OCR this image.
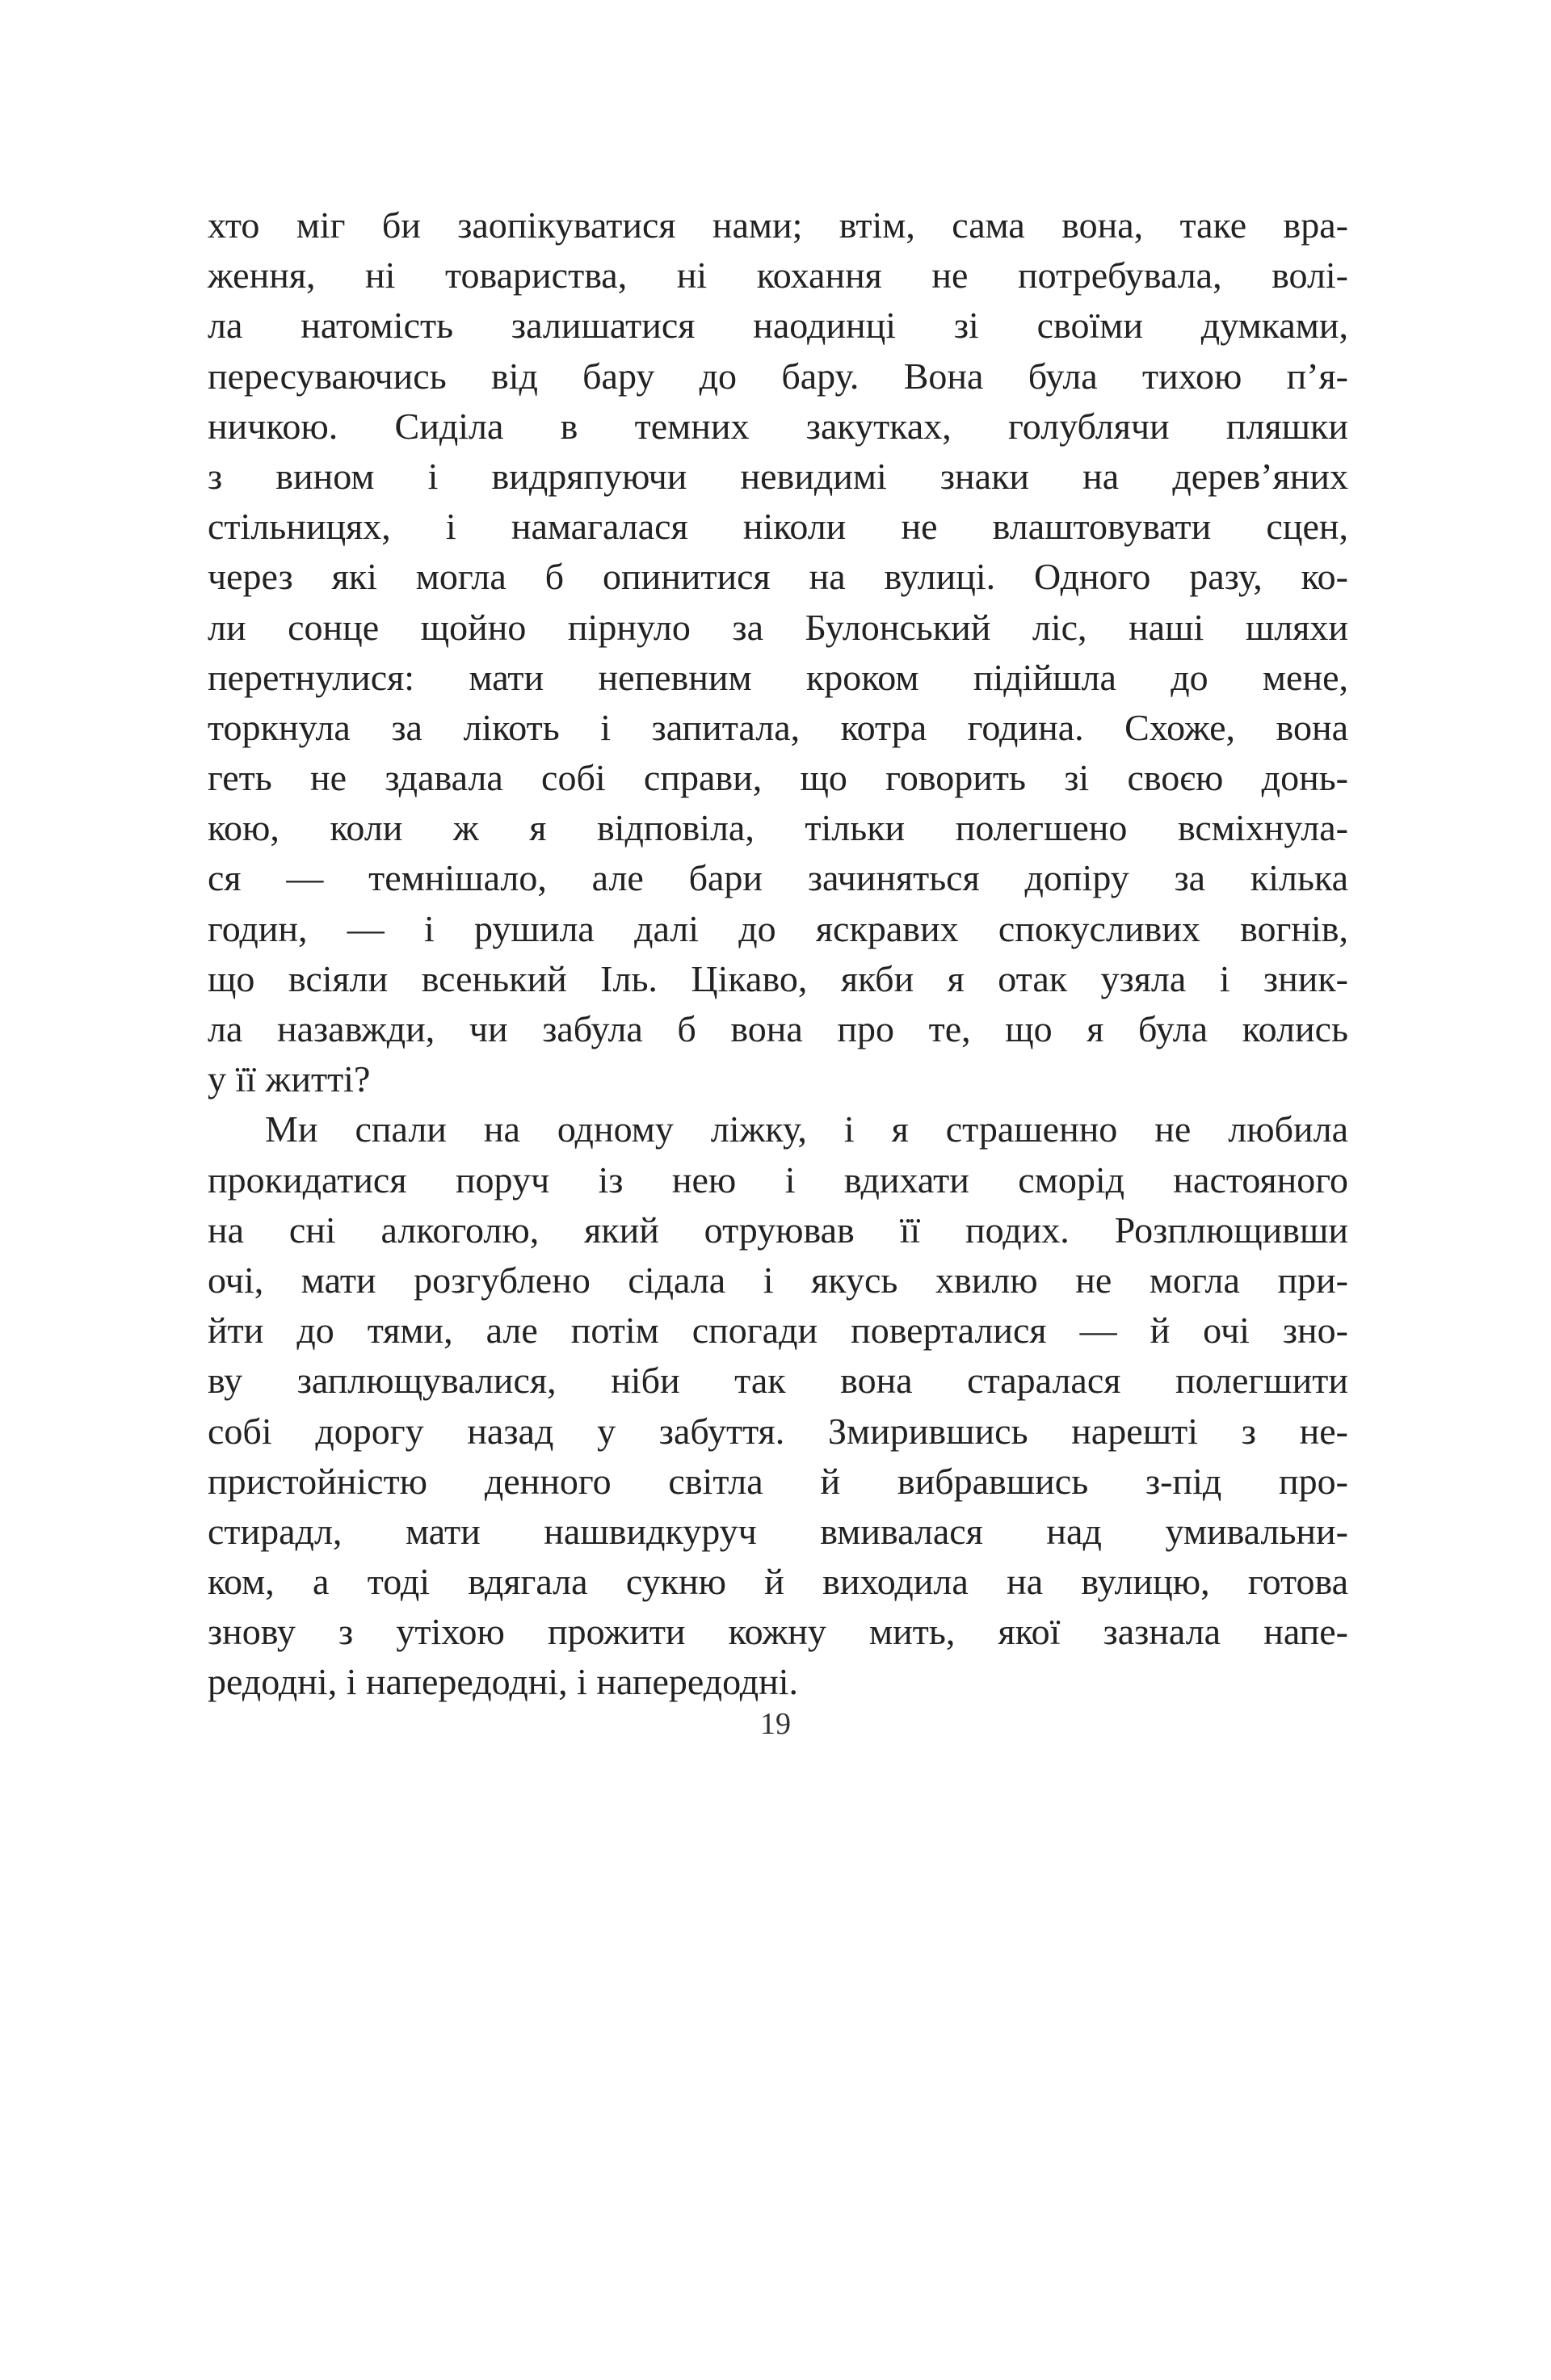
хто міг би заопікуватися нами; втім, сама вона, таке вра-
ження, ні товариства, ні кохання не потребувала, волі-
ла натомість залишатися наодинці зі своїми думками,
пересуваючись від бару до бару. Вона була тихою п’я-
ничкою. Сиділа в темних закутках, голублячи пляшки
з вином і видряпуючи невидимі знаки на дерев’яних
стільницях, і намагалася ніколи не влаштовувати сцен,
через які могла б опинитися на вулиці. Одного разу, ко-
ли сонце щойно пірнуло за Булонський ліс, наші шляхи
перетнулися: мати непевним кроком підійшла до мене,
торкнула за лікоть і запитала, котра година. Схоже, вона
геть не здавала собі справи, що говорить зі своєю донь-
кою, коли ж я відповіла, тільки полегшено всміхнула-
ся — темнішало, але бари зачиняться допіру за кілька
годин, — і рушила далі до яскравих спокусливих вогнів,
що всіяли всенький Іль. Цікаво, якби я отак узяла і зник-
ла назавжди, чи забула б вона про те, що я була колись
у її житті?
Ми спали на одному ліжку, і я страшенно не любила
прокидатися поруч із нею і вдихати сморід настояного
на сні алкоголю, який отруював її подих. Розплющивши
очі, мати розгублено сідала і якусь хвилю не могла при-
йти до тями, але потім спогади поверталися — й очі зно-
ву заплющувалися, ніби так вона старалася полегшити
собі дорогу назад у забуття. Змирившись нарешті з не-
пристойністю денного світла й вибравшись з-під про-
стирадл, мати нашвидкуруч вмивалася над умивальни-
ком, а тоді вдягала сукню й виходила на вулицю, готова
знову з утіхою прожити кожну мить, якої зазнала напе-
редодні, і напередодні, і напередодні.
19
